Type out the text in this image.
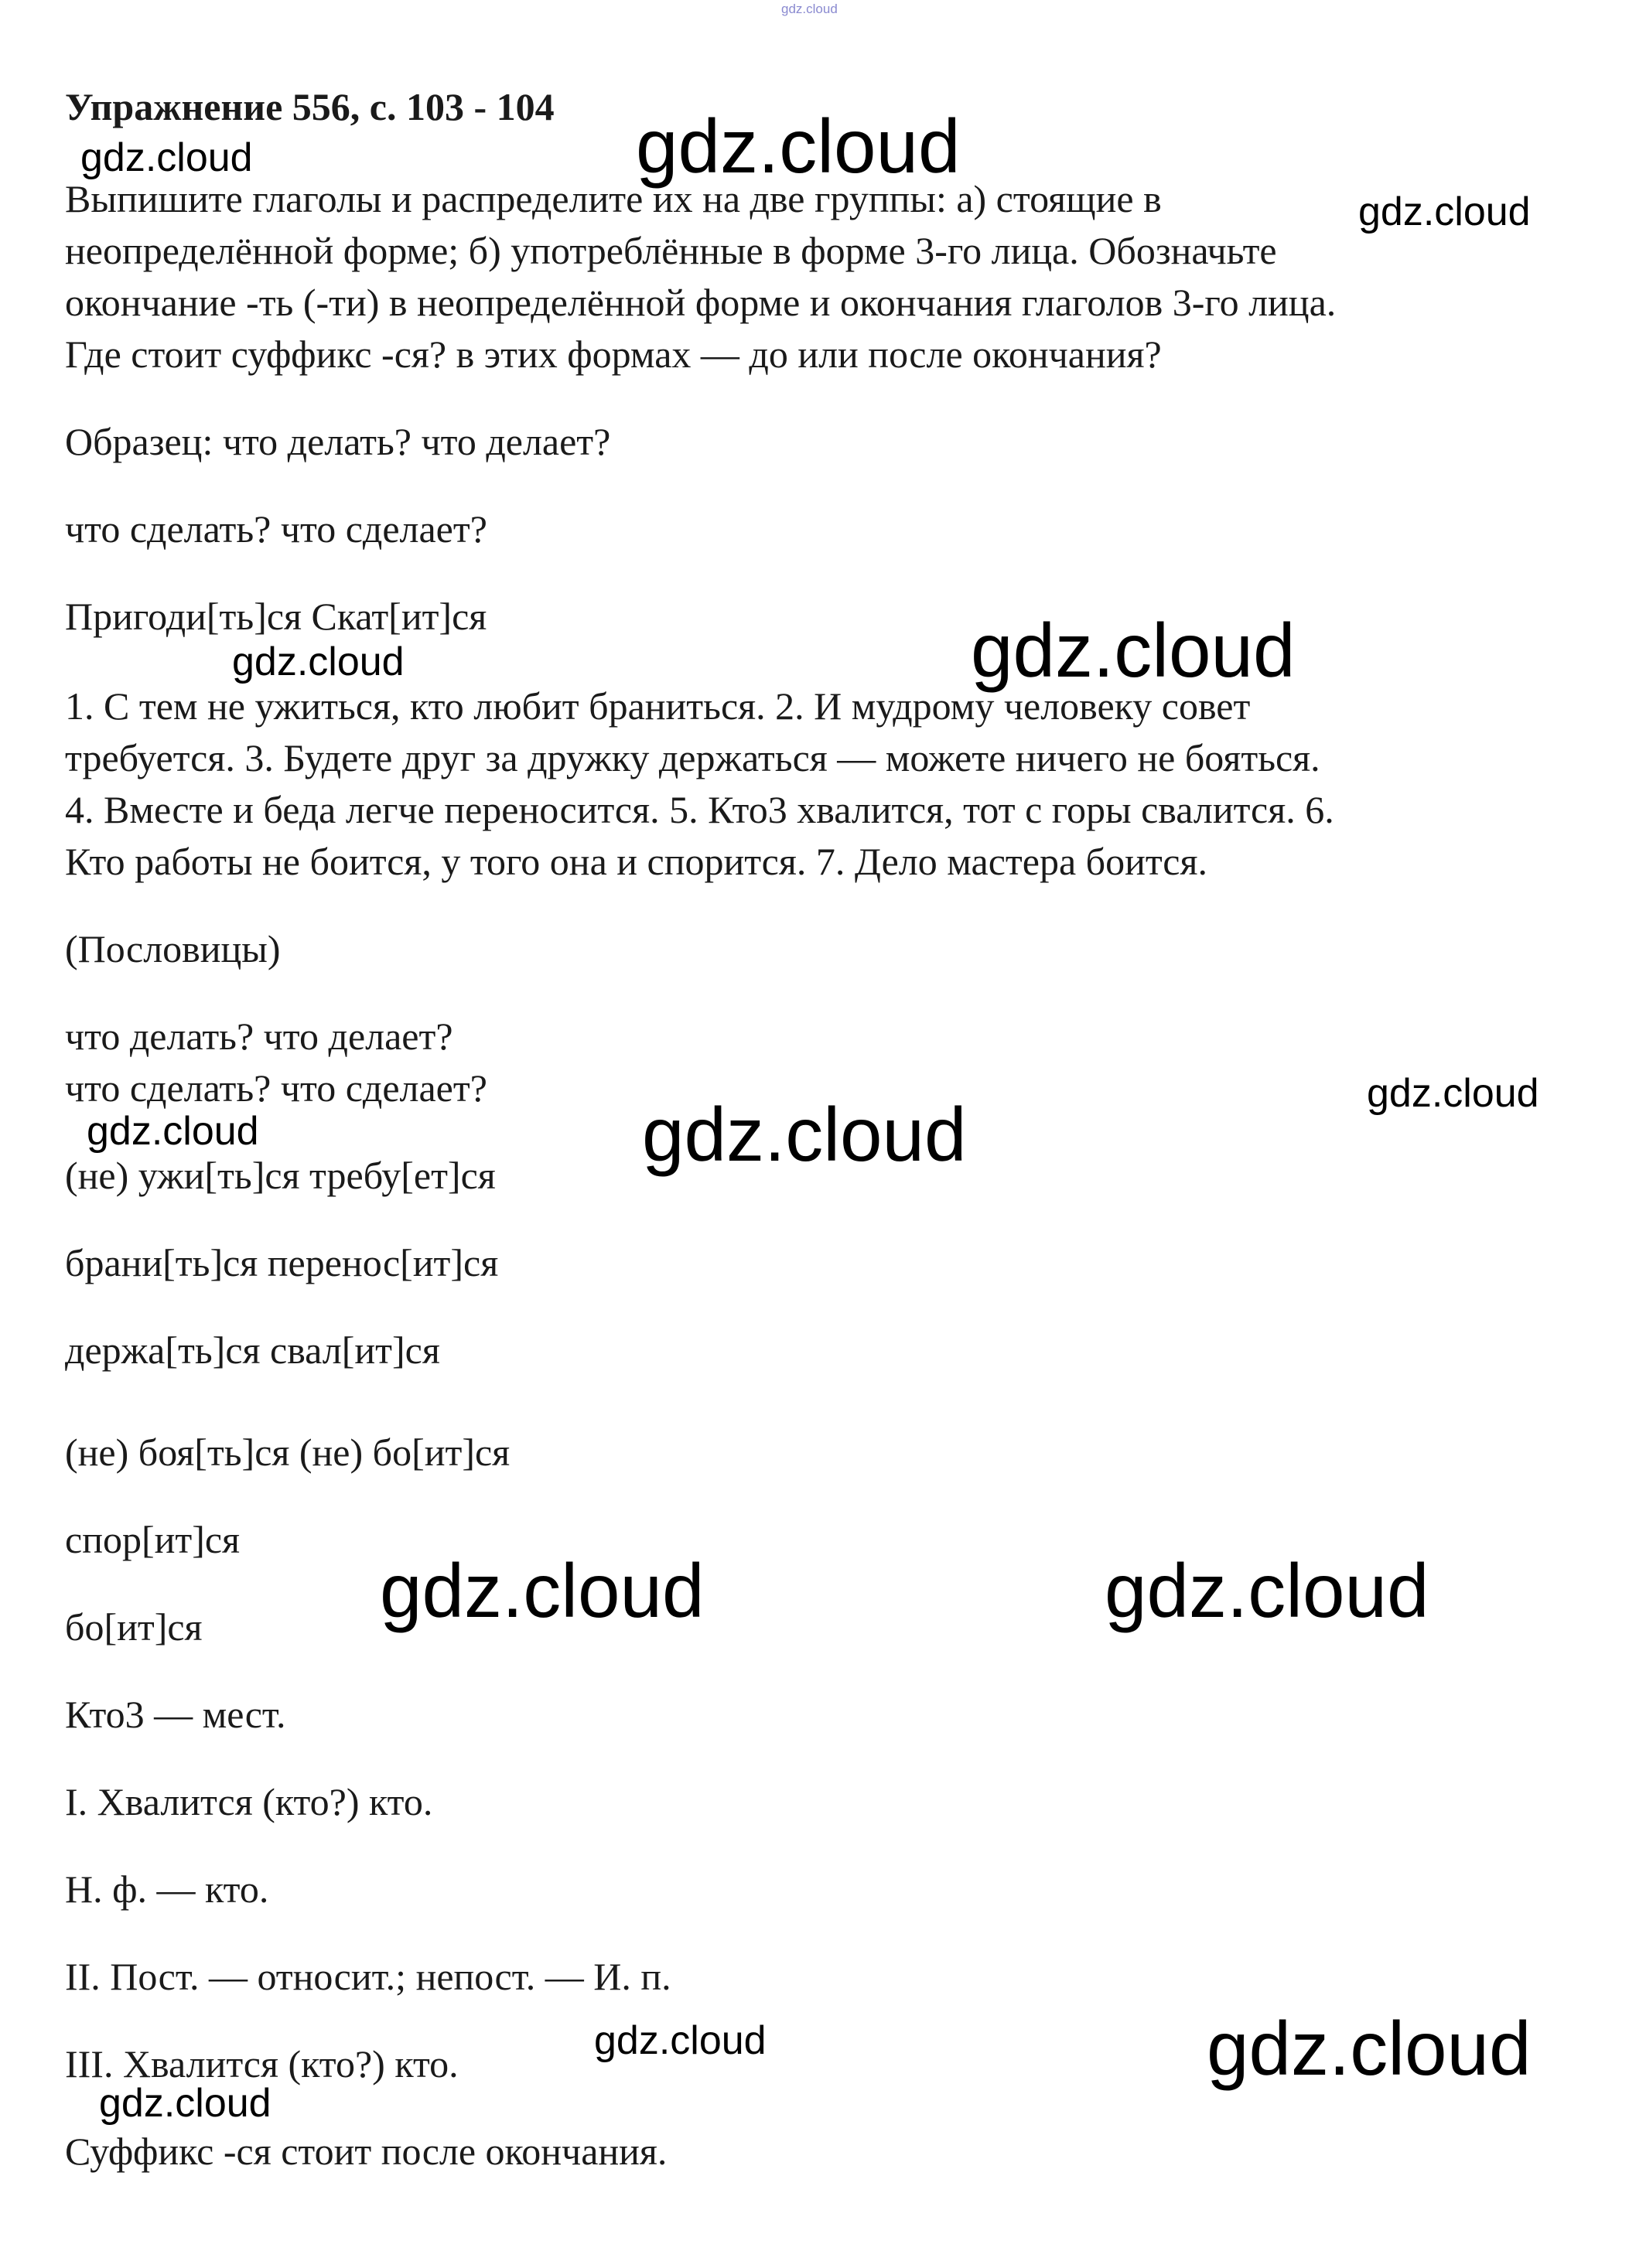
gdz.cloud
Упражнение 556, с. 103 - 104
Выпишите глаголы и распределите их на две группы: а) стоящие в
неопределённой форме; б) употреблённые в форме 3-го лица. Обозначьте
окончание -ть (-ти) в неопределённой форме и окончания глаголов 3-го лица.
Где стоит суффикс -ся? в этих формах — до или после окончания?
Образец: что делать? что делает?
что сделать? что сделает?
Пригоди[ть]ся Скат[ит]ся
1. С тем не ужиться, кто любит браниться. 2. И мудрому человеку совет
требуется. 3. Будете друг за дружку держаться — можете ничего не бояться.
4. Вместе и беда легче переносится. 5. Кто3 хвалится, тот с горы свалится. 6.
Кто работы не боится, у того она и спорится. 7. Дело мастера боится.
(Пословицы)
что делать? что делает?
что сделать? что сделает?
(не) ужи[ть]ся требу[ет]ся
брани[ть]ся перенос[ит]ся
держа[ть]ся свал[ит]ся
(не) боя[ть]ся (не) бо[ит]ся
спор[ит]ся
бо[ит]ся
Кто3 — мест.
I. Хвалится (кто?) кто.
Н. ф. — кто.
II. Пост. — относит.; непост. — И. п.
III. Хвалится (кто?) кто.
Суффикс -ся стоит после окончания.
gdz.cloud	gdz.cloud
gdz.cloud
gdz.cloud
gdz.cloud
gdz.cloud
gdz.cloud	gdz.cloud
gdz.cloud	gdz.cloud
gdz.cloud	gdz.cloud
gdz.cloud
